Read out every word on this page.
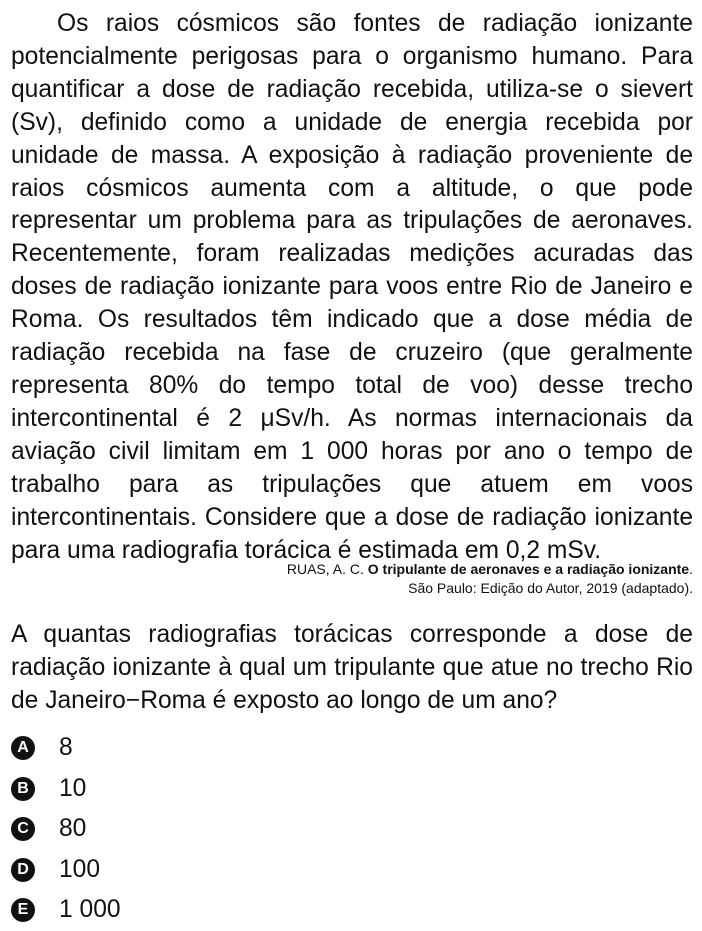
Os raios cósmicos são fontes de radiação ionizante potencialmente perigosas para o organismo humano. Para quantificar a dose de radiação recebida, utiliza-se o sievert (Sv), definido como a unidade de energia recebida por unidade de massa. A exposição à radiação proveniente de raios cósmicos aumenta com a altitude, o que pode representar um problema para as tripulações de aeronaves. Recentemente, foram realizadas medições acuradas das doses de radiação ionizante para voos entre Rio de Janeiro e Roma. Os resultados têm indicado que a dose média de radiação recebida na fase de cruzeiro (que geralmente representa 80% do tempo total de voo) desse trecho intercontinental é 2 μSv/h. As normas internacionais da aviação civil limitam em 1 000 horas por ano o tempo de trabalho para as tripulações que atuem em voos intercontinentais. Considere que a dose de radiação ionizante para uma radiografia torácica é estimada em 0,2 mSv.

RUAS, A. C. O tripulante de aeronaves e a radiação ionizante.
São Paulo: Edição do Autor, 2019 (adaptado).

A quantas radiografias torácicas corresponde a dose de radiação ionizante à qual um tripulante que atue no trecho Rio de Janeiro−Roma é exposto ao longo de um ano?

A 8
B 10
C 80
D 100
E 1 000
